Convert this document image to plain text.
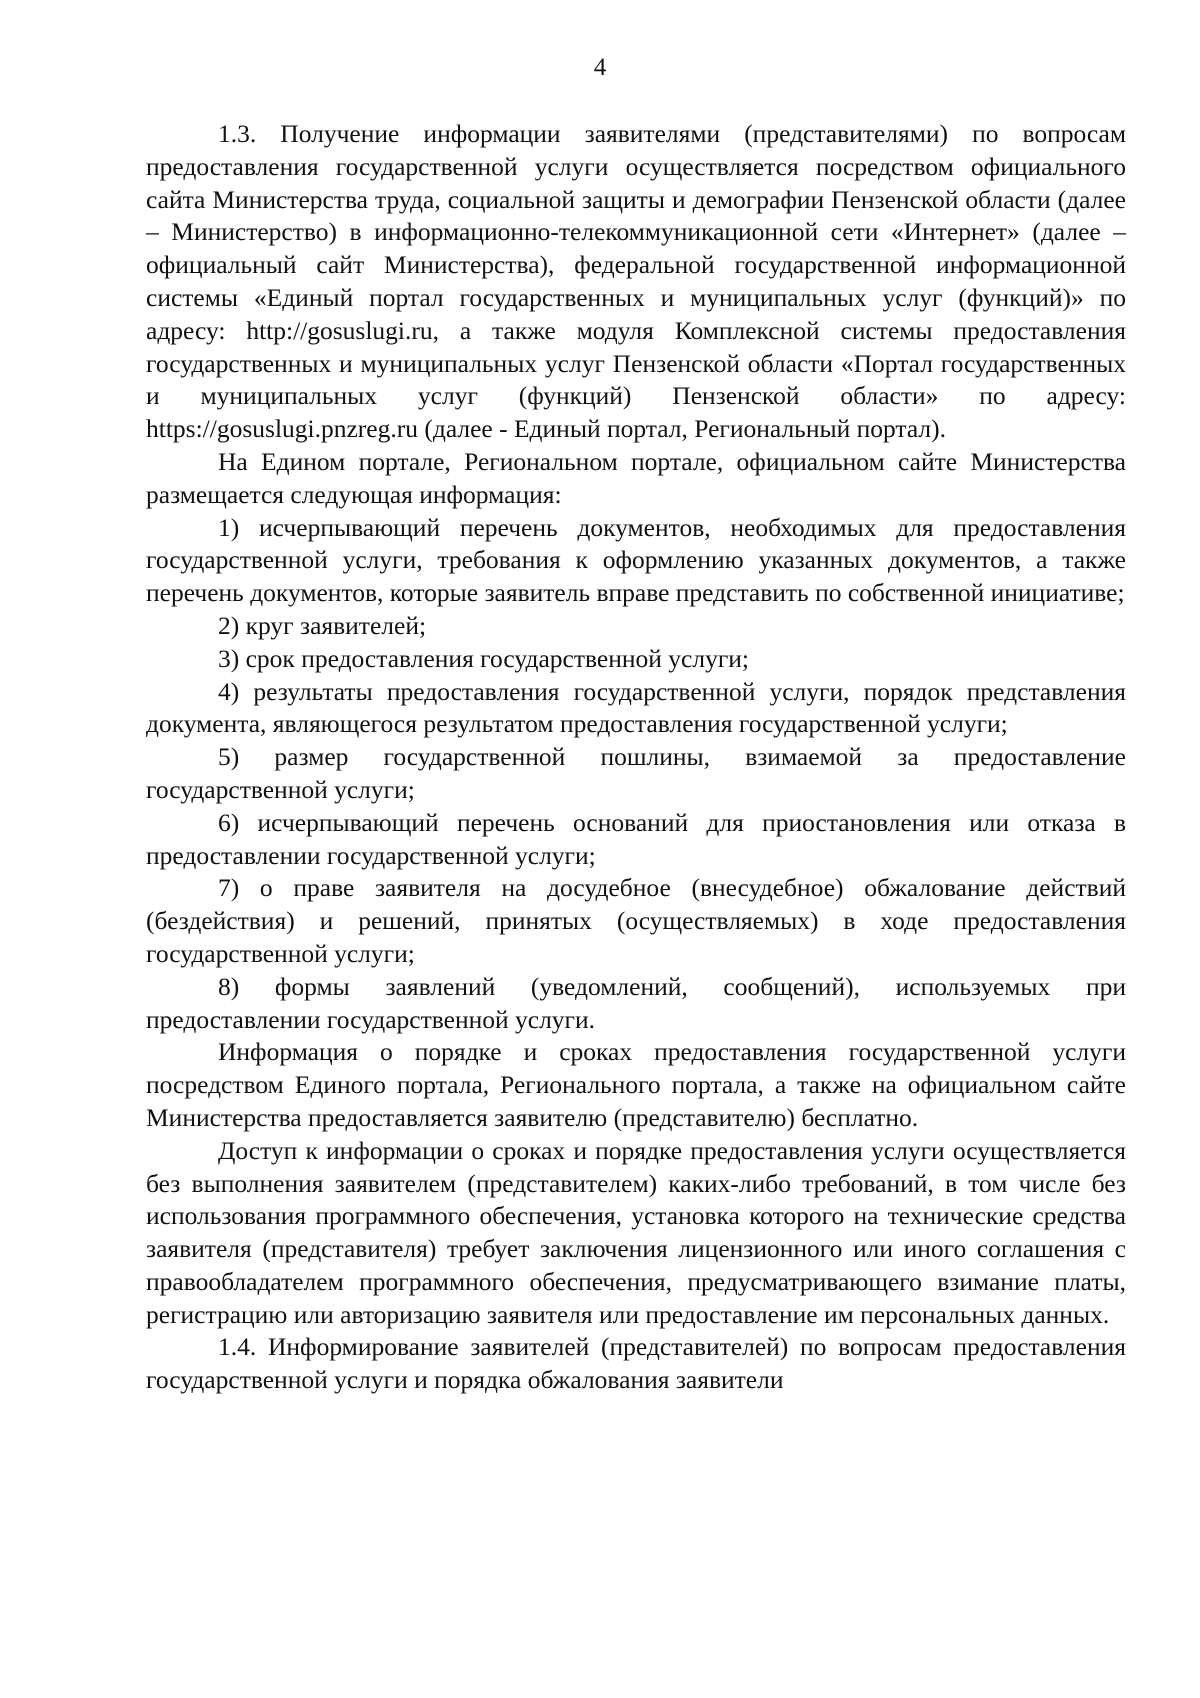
4

1.3. Получение информации заявителями (представителями) по вопросам предоставления государственной услуги осуществляется посредством официального сайта Министерства труда, социальной защиты и демографии Пензенской области (далее – Министерство) в информационно-телекоммуникационной сети «Интернет» (далее – официальный сайт Министерства), федеральной государственной информационной системы «Единый портал государственных и муниципальных услуг (функций)» по адресу: http://gosuslugi.ru, а также модуля Комплексной системы предоставления государственных и муниципальных услуг Пензенской области «Портал государственных и муниципальных услуг (функций) Пензенской области» по адресу: https://gosuslugi.pnzreg.ru (далее - Единый портал, Региональный портал).

На Едином портале, Региональном портале, официальном сайте Министерства размещается следующая информация:

1) исчерпывающий перечень документов, необходимых для предоставления государственной услуги, требования к оформлению указанных документов, а также перечень документов, которые заявитель вправе представить по собственной инициативе;

2) круг заявителей;

3) срок предоставления государственной услуги;

4) результаты предоставления государственной услуги, порядок представления документа, являющегося результатом предоставления государственной услуги;

5) размер государственной пошлины, взимаемой за предоставление государственной услуги;

6) исчерпывающий перечень оснований для приостановления или отказа в предоставлении государственной услуги;

7) о праве заявителя на досудебное (внесудебное) обжалование действий (бездействия) и решений, принятых (осуществляемых) в ходе предоставления государственной услуги;

8) формы заявлений (уведомлений, сообщений), используемых при предоставлении государственной услуги.

Информация о порядке и сроках предоставления государственной услуги посредством Единого портала, Регионального портала, а также на официальном сайте Министерства предоставляется заявителю (представителю) бесплатно.

Доступ к информации о сроках и порядке предоставления услуги осуществляется без выполнения заявителем (представителем) каких-либо требований, в том числе без использования программного обеспечения, установка которого на технические средства заявителя (представителя) требует заключения лицензионного или иного соглашения с правообладателем программного обеспечения, предусматривающего взимание платы, регистрацию или авторизацию заявителя или предоставление им персональных данных.

1.4. Информирование заявителей (представителей) по вопросам предоставления государственной услуги и порядка обжалования заявители
